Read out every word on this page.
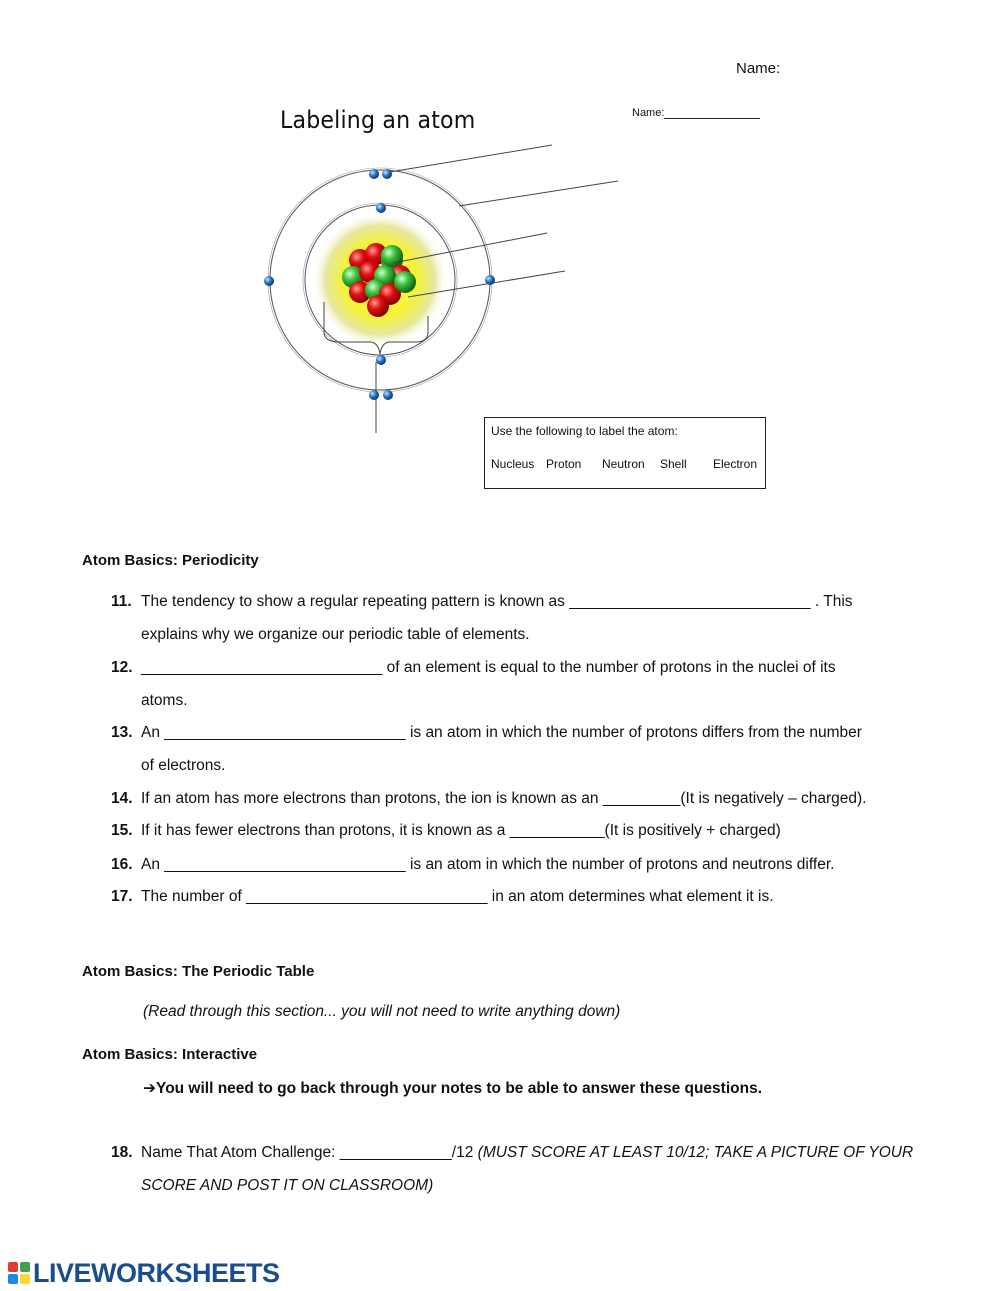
Name:
Labeling an atom	Name:
Use the following to label the atom:
Nucleus Proton Neutron Shell Electron
Atom Basics: Periodicity
11. The tendency to show a regular repeating pattern is known as ____________________________ . This
explains why we organize our periodic table of elements.
12. ____________________________ of an element is equal to the number of protons in the nuclei of its
atoms.
13. An ____________________________ is an atom in which the number of protons differs from the number
of electrons.
14. If an atom has more electrons than protons, the ion is known as an _________(It is negatively – charged).
15. If it has fewer electrons than protons, it is known as a ___________(It is positively + charged)
16. An ____________________________ is an atom in which the number of protons and neutrons differ.
17. The number of ____________________________ in an atom determines what element it is.
Atom Basics: The Periodic Table
(Read through this section... you will not need to write anything down)
Atom Basics: Interactive
➔You will need to go back through your notes to be able to answer these questions.
18. Name That Atom Challenge: _____________/12 (MUST SCORE AT LEAST 10/12; TAKE A PICTURE OF YOUR
SCORE AND POST IT ON CLASSROOM)
LIVEWORKSHEETS
